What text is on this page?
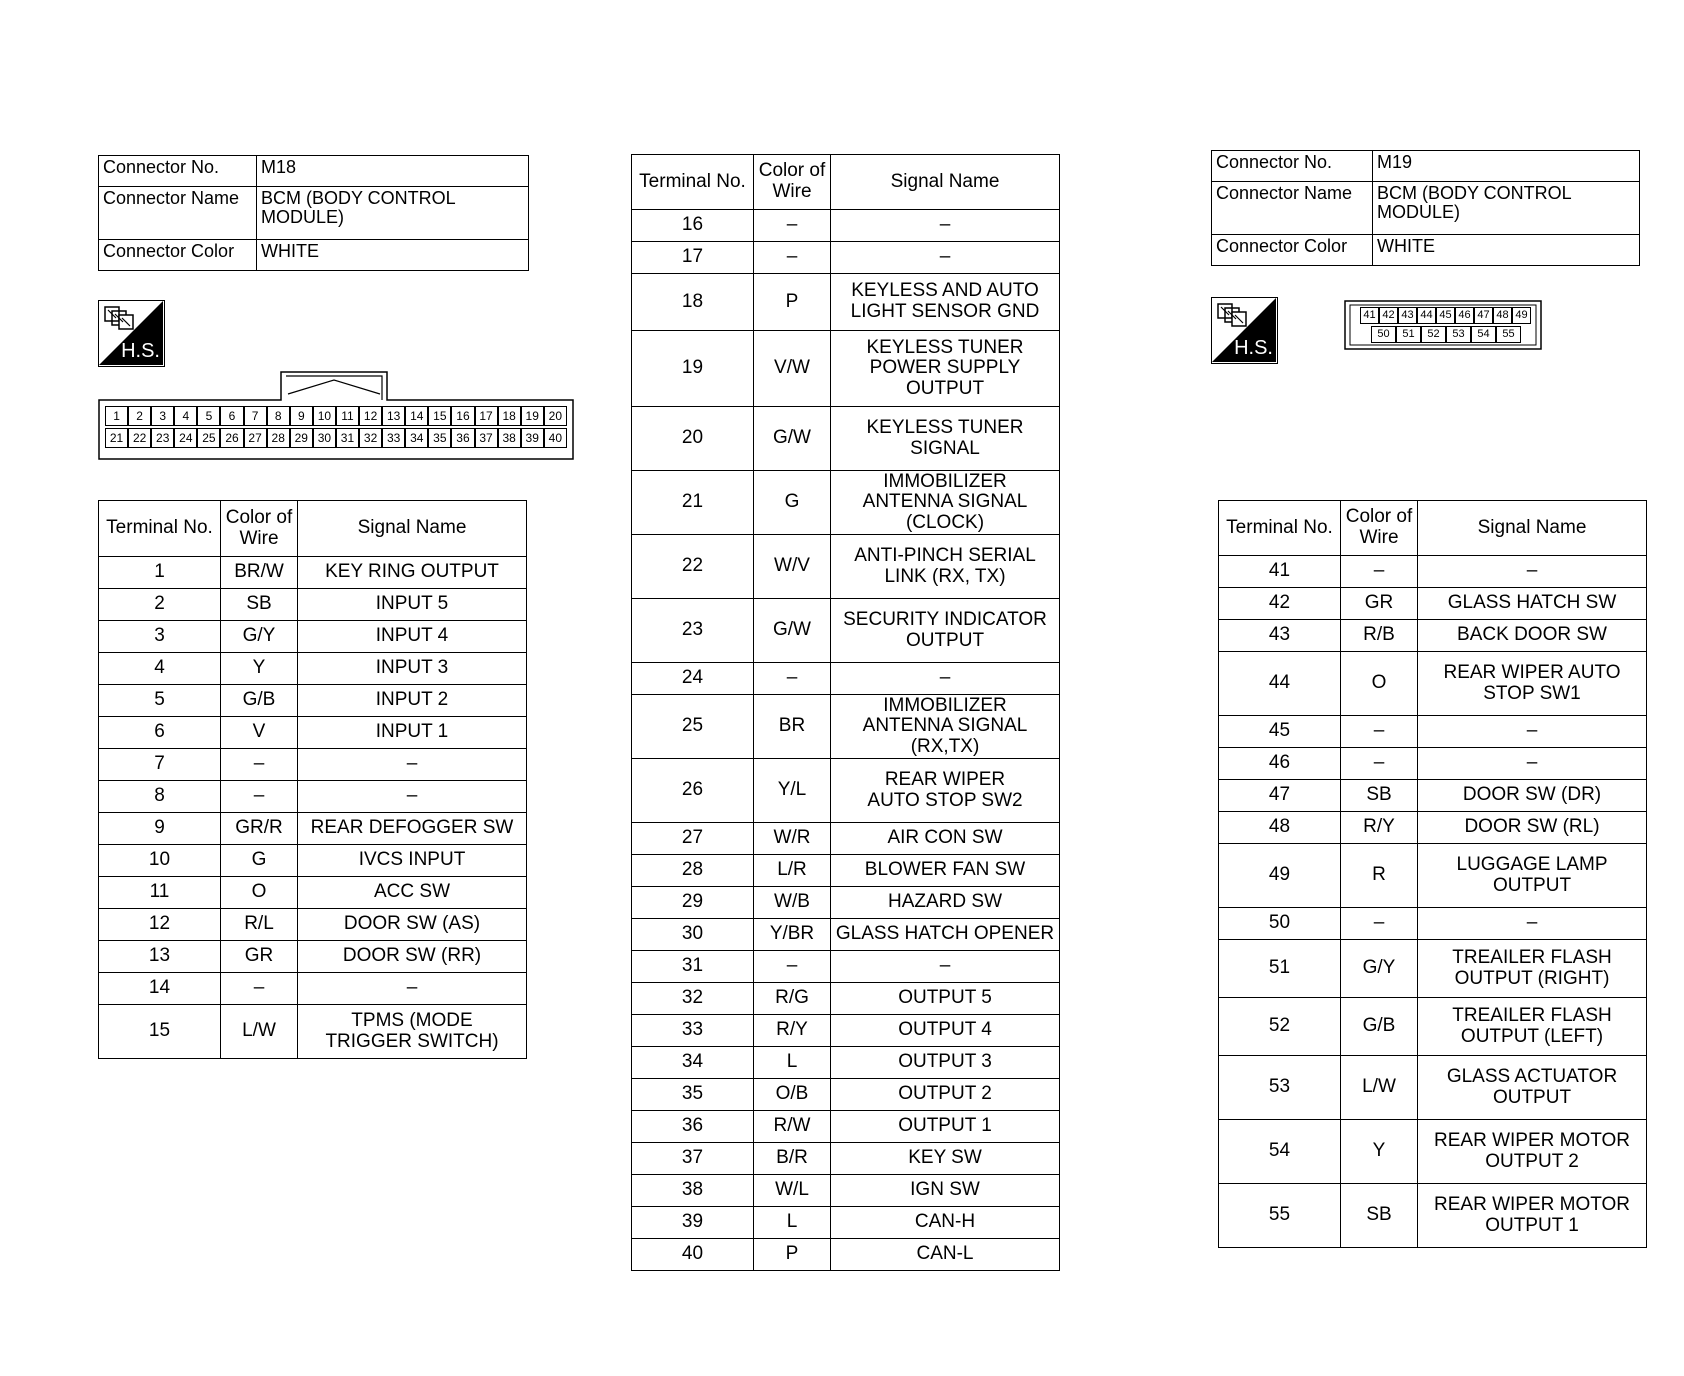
Connector No.	M18
Connector Name	BCM (BODY CONTROL MODULE)
Connector Color	WHITE
H.S.
1	2	3	4	5	6	7	8	9	10 11 12 13 14 15 16 17 18 19 20
21 22 23 24 25 26 27 28 29 30 31 32 33 34 35 36 37 38 39 40
Terminal No.	Color of Wire	Signal Name
1	BR/W	KEY RING OUTPUT
2	SB	INPUT 5
3	G/Y	INPUT 4
4	Y	INPUT 3
5	G/B	INPUT 2
6	V	INPUT 1
7	–	–
8	–	–
9	GR/R	REAR DEFOGGER SW
10	G	IVCS INPUT
11	O	ACC SW
12	R/L	DOOR SW (AS)
13	GR	DOOR SW (RR)
14	–	–
15	L/W	TPMS (MODE
TRIGGER SWITCH)
Terminal No.	Color of Wire	Signal Name
16	–	–
17	–	–
18	P	KEYLESS AND AUTO
LIGHT SENSOR GND
19	V/W	KEYLESS TUNER
POWER SUPPLY
OUTPUT
20	G/W	KEYLESS TUNER
SIGNAL
21	G	IMMOBILIZER
ANTENNA SIGNAL
(CLOCK)
22	W/V	ANTI-PINCH SERIAL
LINK (RX, TX)
23	G/W	SECURITY INDICATOR
OUTPUT
24	–	–
25	BR	IMMOBILIZER
ANTENNA SIGNAL
(RX,TX)
26	Y/L	REAR WIPER
AUTO STOP SW2
27	W/R	AIR CON SW
28	L/R	BLOWER FAN SW
29	W/B	HAZARD SW
30	Y/BR	GLASS HATCH OPENER
31	–	–
32	R/G	OUTPUT 5
33	R/Y	OUTPUT 4
34	L	OUTPUT 3
35	O/B	OUTPUT 2
36	R/W	OUTPUT 1
37	B/R	KEY SW
38	W/L	IGN SW
39	L	CAN-H
40	P	CAN-L
Connector No.	M19
Connector Name	BCM (BODY CONTROL MODULE)
Connector Color	WHITE
H.S.
41 42 43 44 45 46 47 48 49
50	51	52	53	54	55
Terminal No.	Color of Wire	Signal Name
41	–	–
42	GR	GLASS HATCH SW
43	R/B	BACK DOOR SW
44	O	REAR WIPER AUTO
STOP SW1
45	–	–
46	–	–
47	SB	DOOR SW (DR)
48	R/Y	DOOR SW (RL)
49	R	LUGGAGE LAMP
OUTPUT
50	–	–
51	G/Y	TREAILER FLASH
OUTPUT (RIGHT)
52	G/B	TREAILER FLASH
OUTPUT (LEFT)
53	L/W	GLASS ACTUATOR
OUTPUT
54	Y	REAR WIPER MOTOR
OUTPUT 2
55	SB	REAR WIPER MOTOR
OUTPUT 1
